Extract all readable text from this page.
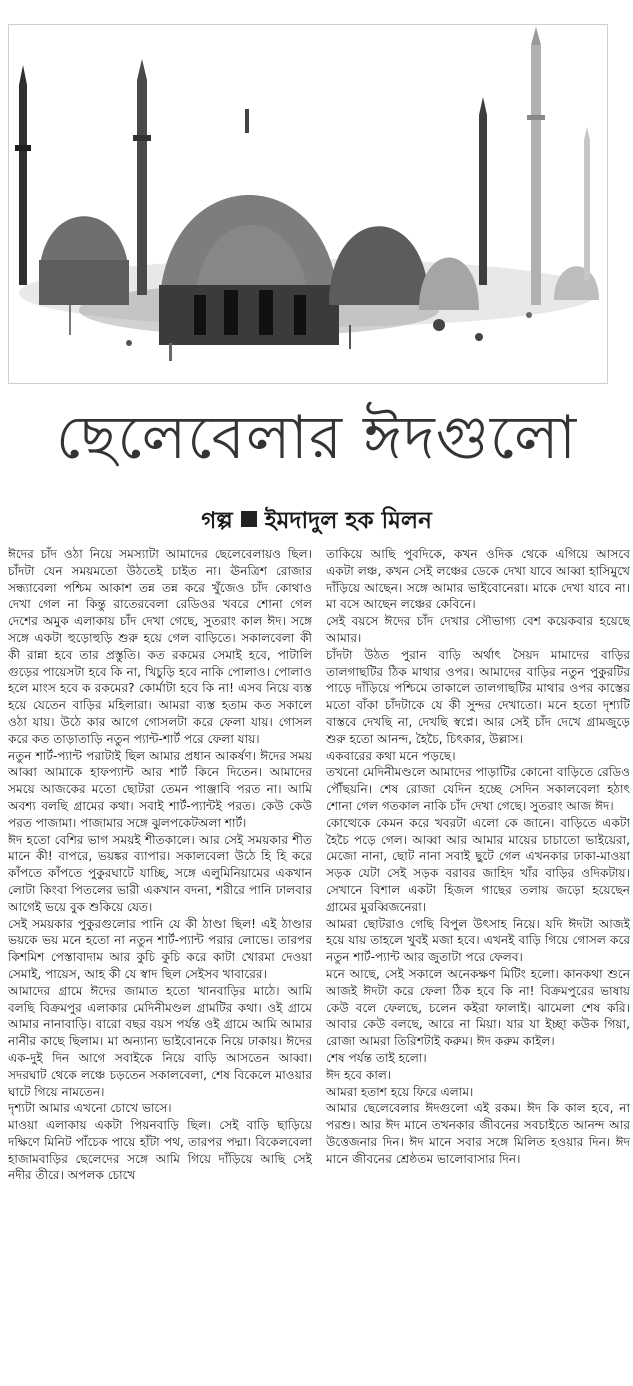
ছেলেবেলার ঈদগুলো
গল্প ইমদাদুল হক মিলন

ঈদের চাঁদ ওঠা নিয়ে সমস্যাটা আমাদের ছেলেবেলায়ও ছিল। চাঁদটা যেন সময়মতো উঠতেই চাইত না। ঊনত্রিশ রোজার সন্ধ্যাবেলা পশ্চিম আকাশ তন্ন তন্ন করে খুঁজেও চাঁদ কোথাও দেখা গেল না কিন্তু রাতেরবেলা রেডিওর খবরে শোনা গেল দেশের অমুক এলাকায় চাঁদ দেখা গেছে, সুতরাং কাল ঈদ। সঙ্গে সঙ্গে একটা হুড়োহুড়ি শুরু হয়ে গেল বাড়িতে। সকালবেলা কী কী রান্না হবে তার প্রস্তুতি। কত রকমের সেমাই হবে, পাটালি গুড়ের পায়েসটা হবে কি না, খিচুড়ি হবে নাকি পোলাও। পোলাও হলে মাংস হবে ক রকমের? কোর্মাটা হবে কি না! এসব নিয়ে ব্যস্ত হয়ে যেতেন বাড়ির মহিলারা। আমরা ব্যস্ত হতাম কত সকালে ওঠা যায়। উঠে কার আগে গোসলটা করে ফেলা যায়। গোসল করে কত তাড়াতাড়ি নতুন প্যান্ট-শার্ট পরে ফেলা যায়।

নতুন শার্ট-প্যান্ট পরাটাই ছিল আমার প্রধান আকর্ষণ। ঈদের সময় আব্বা আমাকে হাফপ্যান্ট আর শার্ট কিনে দিতেন। আমাদের সময়ে আজকের মতো ছোটরা তেমন পাঞ্জাবি পরত না। আমি অবশ্য বলছি গ্রামের কথা। সবাই শার্ট-প্যান্টই পরত। কেউ কেউ পরত পাজামা। পাজামার সঙ্গে ঝুলপকেটঅলা শার্ট।

ঈদ হতো বেশির ভাগ সময়ই শীতকালে। আর সেই সময়কার শীত মানে কী! বাপরে, ভয়ঙ্কর ব্যাপার। সকালবেলা উঠে হি হি করে কাঁপতে কাঁপতে পুকুরঘাটে যাচ্ছি, সঙ্গে এলুমিনিয়ামের একখান লোটা কিংবা পিতলের ভারী একখান বদনা, শরীরে পানি ঢালবার আগেই ভয়ে বুক শুকিয়ে যেত।

সেই সময়কার পুকুরগুলোর পানি যে কী ঠাণ্ডা ছিল! এই ঠাণ্ডার ভয়কে ভয় মনে হতো না নতুন শার্ট-প্যান্ট পরার লোভে। তারপর কিশমিশ পেস্তাবাদাম আর কুচি কুচি করে কাটা খোরমা দেওয়া সেমাই, পায়েস, আহ কী যে স্বাদ ছিল সেইসব খাবারের।

আমাদের গ্রামে ঈদের জামাত হতো খানবাড়ির মাঠে। আমি বলছি বিক্রমপুর এলাকার মেদিনীমণ্ডল গ্রামটির কথা। ওই গ্রামে আমার নানাবাড়ি। বারো বছর বয়স পর্যন্ত ওই গ্রামে আমি আমার নানীর কাছে ছিলাম। মা অন্যান্য ভাইবোনকে নিয়ে ঢাকায়। ঈদের এক-দুই দিন আগে সবাইকে নিয়ে বাড়ি আসতেন আব্বা। সদরঘাট থেকে লঞ্চে চড়তেন সকালবেলা, শেষ বিকেলে মাওয়ার ঘাটে গিয়ে নামতেন।

দৃশ্যটা আমার এখনো চোখে ভাসে।

মাওয়া এলাকায় একটা পিয়নবাড়ি ছিল। সেই বাড়ি ছাড়িয়ে দক্ষিণে মিনিট পাঁচেক পায়ে হাঁটা পথ, তারপর পদ্মা। বিকেলবেলা হাজামবাড়ির ছেলেদের সঙ্গে আমি গিয়ে দাঁড়িয়ে আছি সেই নদীর তীরে। অপলক চোখে

তাকিয়ে আছি পুবদিকে, কখন ওদিক থেকে এগিয়ে আসবে একটা লঞ্চ, কখন সেই লঞ্চের ডেকে দেখা যাবে আব্বা হাসিমুখে দাঁড়িয়ে আছেন। সঙ্গে আমার ভাইবোনেরা। মাকে দেখা যাবে না। মা বসে আছেন লঞ্চের কেবিনে।

সেই বয়সে ঈদের চাঁদ দেখার সৌভাগ্য বেশ কয়েকবার হয়েছে আমার।

চাঁদটা উঠত পুরান বাড়ি অর্থাৎ সৈয়দ মামাদের বাড়ির তালগাছটির ঠিক মাথার ওপর। আমাদের বাড়ির নতুন পুকুরটির পাড়ে দাঁড়িয়ে পশ্চিমে তাকালে তালগাছটির মাথার ওপর কাস্তের মতো বাঁকা চাঁদটাকে যে কী সুন্দর দেখাতো। মনে হতো দৃশ্যটি বাস্তবে দেখছি না, দেখছি স্বপ্নে। আর সেই চাঁদ দেখে গ্রামজুড়ে শুরু হতো আনন্দ, হৈচৈ, চিৎকার, উল্লাস।

একবারের কথা মনে পড়ছে।

তখনো মেদিনীমণ্ডলে আমাদের পাড়াটির কোনো বাড়িতে রেডিও পৌঁছয়নি। শেষ রোজা যেদিন হচ্ছে সেদিন সকালবেলা হঠাৎ শোনা গেল গতকাল নাকি চাঁদ দেখা গেছে। সুতরাং আজ ঈদ।

কোত্থেকে কেমন করে খবরটা এলো কে জানে। বাড়িতে একটা হৈচৈ পড়ে গেল। আব্বা আর আমার মায়ের চাচাতো ভাইয়েরা, মেজো নানা, ছোট নানা সবাই ছুটে গেল এখনকার ঢাকা-মাওয়া সড়ক যেটা সেই সড়ক বরাবর জাহিদ খাঁর বাড়ির ওদিকটায়। সেখানে বিশাল একটা হিজল গাছের তলায় জড়ো হয়েছেন গ্রামের মুরব্বিজনেরা।

আমরা ছোটরাও গেছি বিপুল উৎসাহ নিয়ে। যদি ঈদটা আজই হয়ে যায় তাহলে খুবই মজা হবে। এখনই বাড়ি গিয়ে গোসল করে নতুন শার্ট-প্যান্ট আর জুতাটা পরে ফেলব।

মনে আছে, সেই সকালে অনেকক্ষণ মিটিং হলো। কানকথা শুনে আজই ঈদটা করে ফেলা ঠিক হবে কি না! বিক্রমপুরের ভাষায় কেউ বলে ফেলছে, চলেন কইরা ফালাই। ঝামেলা শেষ করি। আবার কেউ বলছে, আরে না মিয়া। যার যা ইচ্ছা কউক গিয়া, রোজা আমরা তিরিশটাই করুম। ঈদ করুম কাইল।

শেষ পর্যন্ত তাই হলো।

ঈদ হবে কাল।

আমরা হতাশ হয়ে ফিরে এলাম।

আমার ছেলেবেলার ঈদগুলো এই রকম। ঈদ কি কাল হবে, না পরশু। আর ঈদ মানে তখনকার জীবনের সবচাইতে আনন্দ আর উত্তেজনার দিন। ঈদ মানে সবার সঙ্গে মিলিত হওয়ার দিন। ঈদ মানে জীবনের শ্রেষ্ঠতম ভালোবাসার দিন।
